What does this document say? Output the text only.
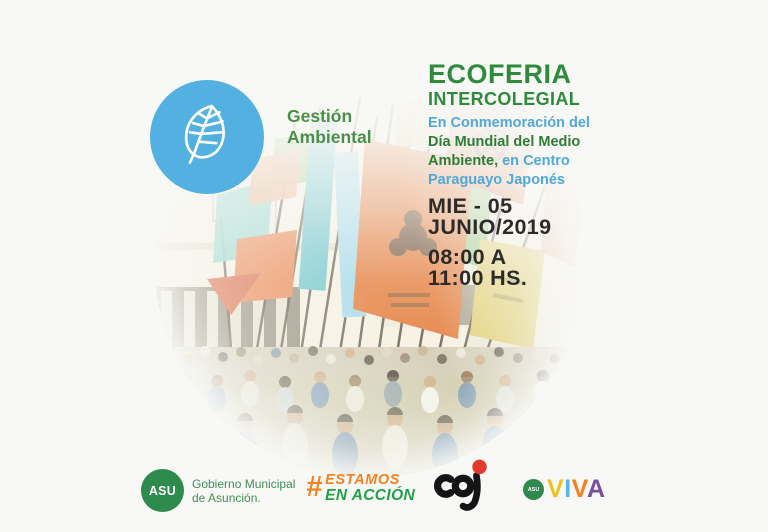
Gestión
Ambiental
ECOFERIA
INTERCOLEGIAL
En Conmemoración del
Día Mundial del Medio
Ambiente, en Centro
Paraguayo Japonés
MIE - 05
JUNIO/2019
08:00 A
11:00 HS.
ASU Gobierno Municipal
de Asunción.	# ESTAMOS
EN ACCIÓN	ASU VIVA
